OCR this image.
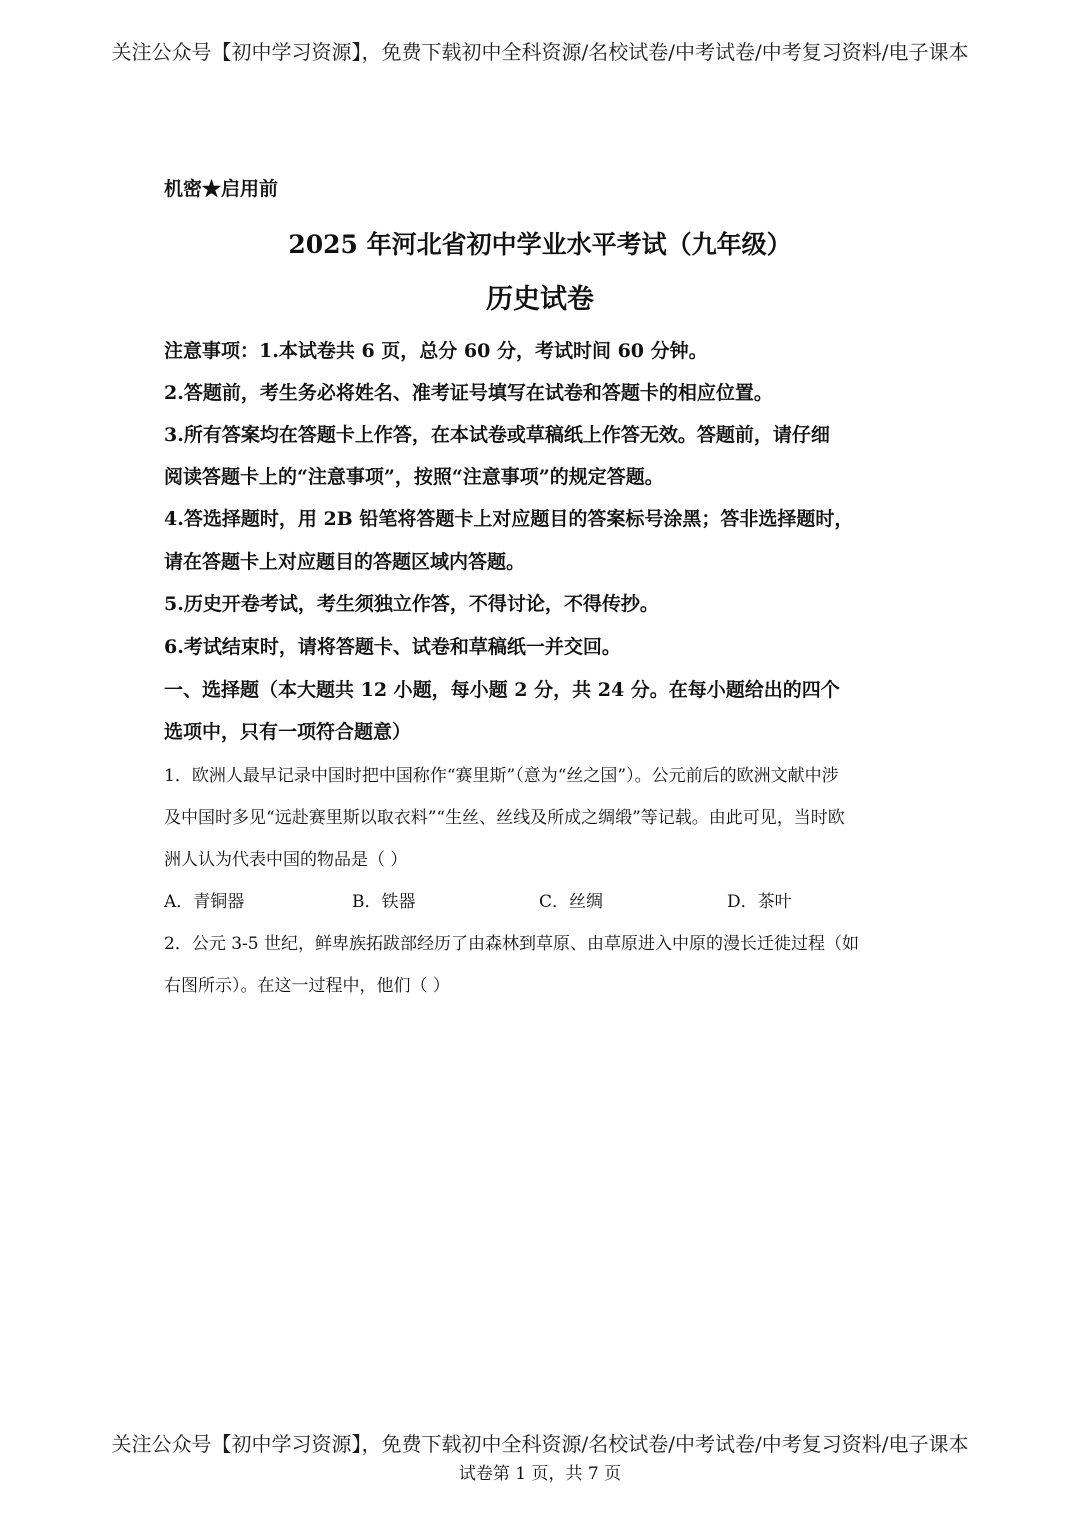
关注公众号【初中学习资源】，免费下载初中全科资源/名校试卷/中考试卷/中考复习资料/电子课本
机密★启用前
2025 年河北省初中学业水平考试（九年级）
历史试卷
注意事项：1.本试卷共 6 页，总分 60 分，考试时间 60 分钟。
2.答题前，考生务必将姓名、准考证号填写在试卷和答题卡的相应位置。
3.所有答案均在答题卡上作答，在本试卷或草稿纸上作答无效。答题前，请仔细
阅读答题卡上的“注意事项”，按照“注意事项”的规定答题。
4.答选择题时，用 2B 铅笔将答题卡上对应题目的答案标号涂黑；答非选择题时，
请在答题卡上对应题目的答题区域内答题。
5.历史开卷考试，考生须独立作答，不得讨论，不得传抄。
6.考试结束时，请将答题卡、试卷和草稿纸一并交回。
一、选择题（本大题共 12 小题，每小题 2 分，共 24 分。在每小题给出的四个
选项中，只有一项符合题意）
1．欧洲人最早记录中国时把中国称作“赛里斯”（意为“丝之国”）。公元前后的欧洲文献中涉
及中国时多见“远赴赛里斯以取衣料”“生丝、丝线及所成之绸缎”等记载。由此可见，当时欧
洲人认为代表中国的物品是（ ）
A．青铜器	B．铁器	C．丝绸	D．茶叶
2．公元 3-5 世纪，鲜卑族拓跋部经历了由森林到草原、由草原进入中原的漫长迁徙过程（如
右图所示）。在这一过程中，他们（ ）
关注公众号【初中学习资源】，免费下载初中全科资源/名校试卷/中考试卷/中考复习资料/电子课本
试卷第 1 页，共 7 页
